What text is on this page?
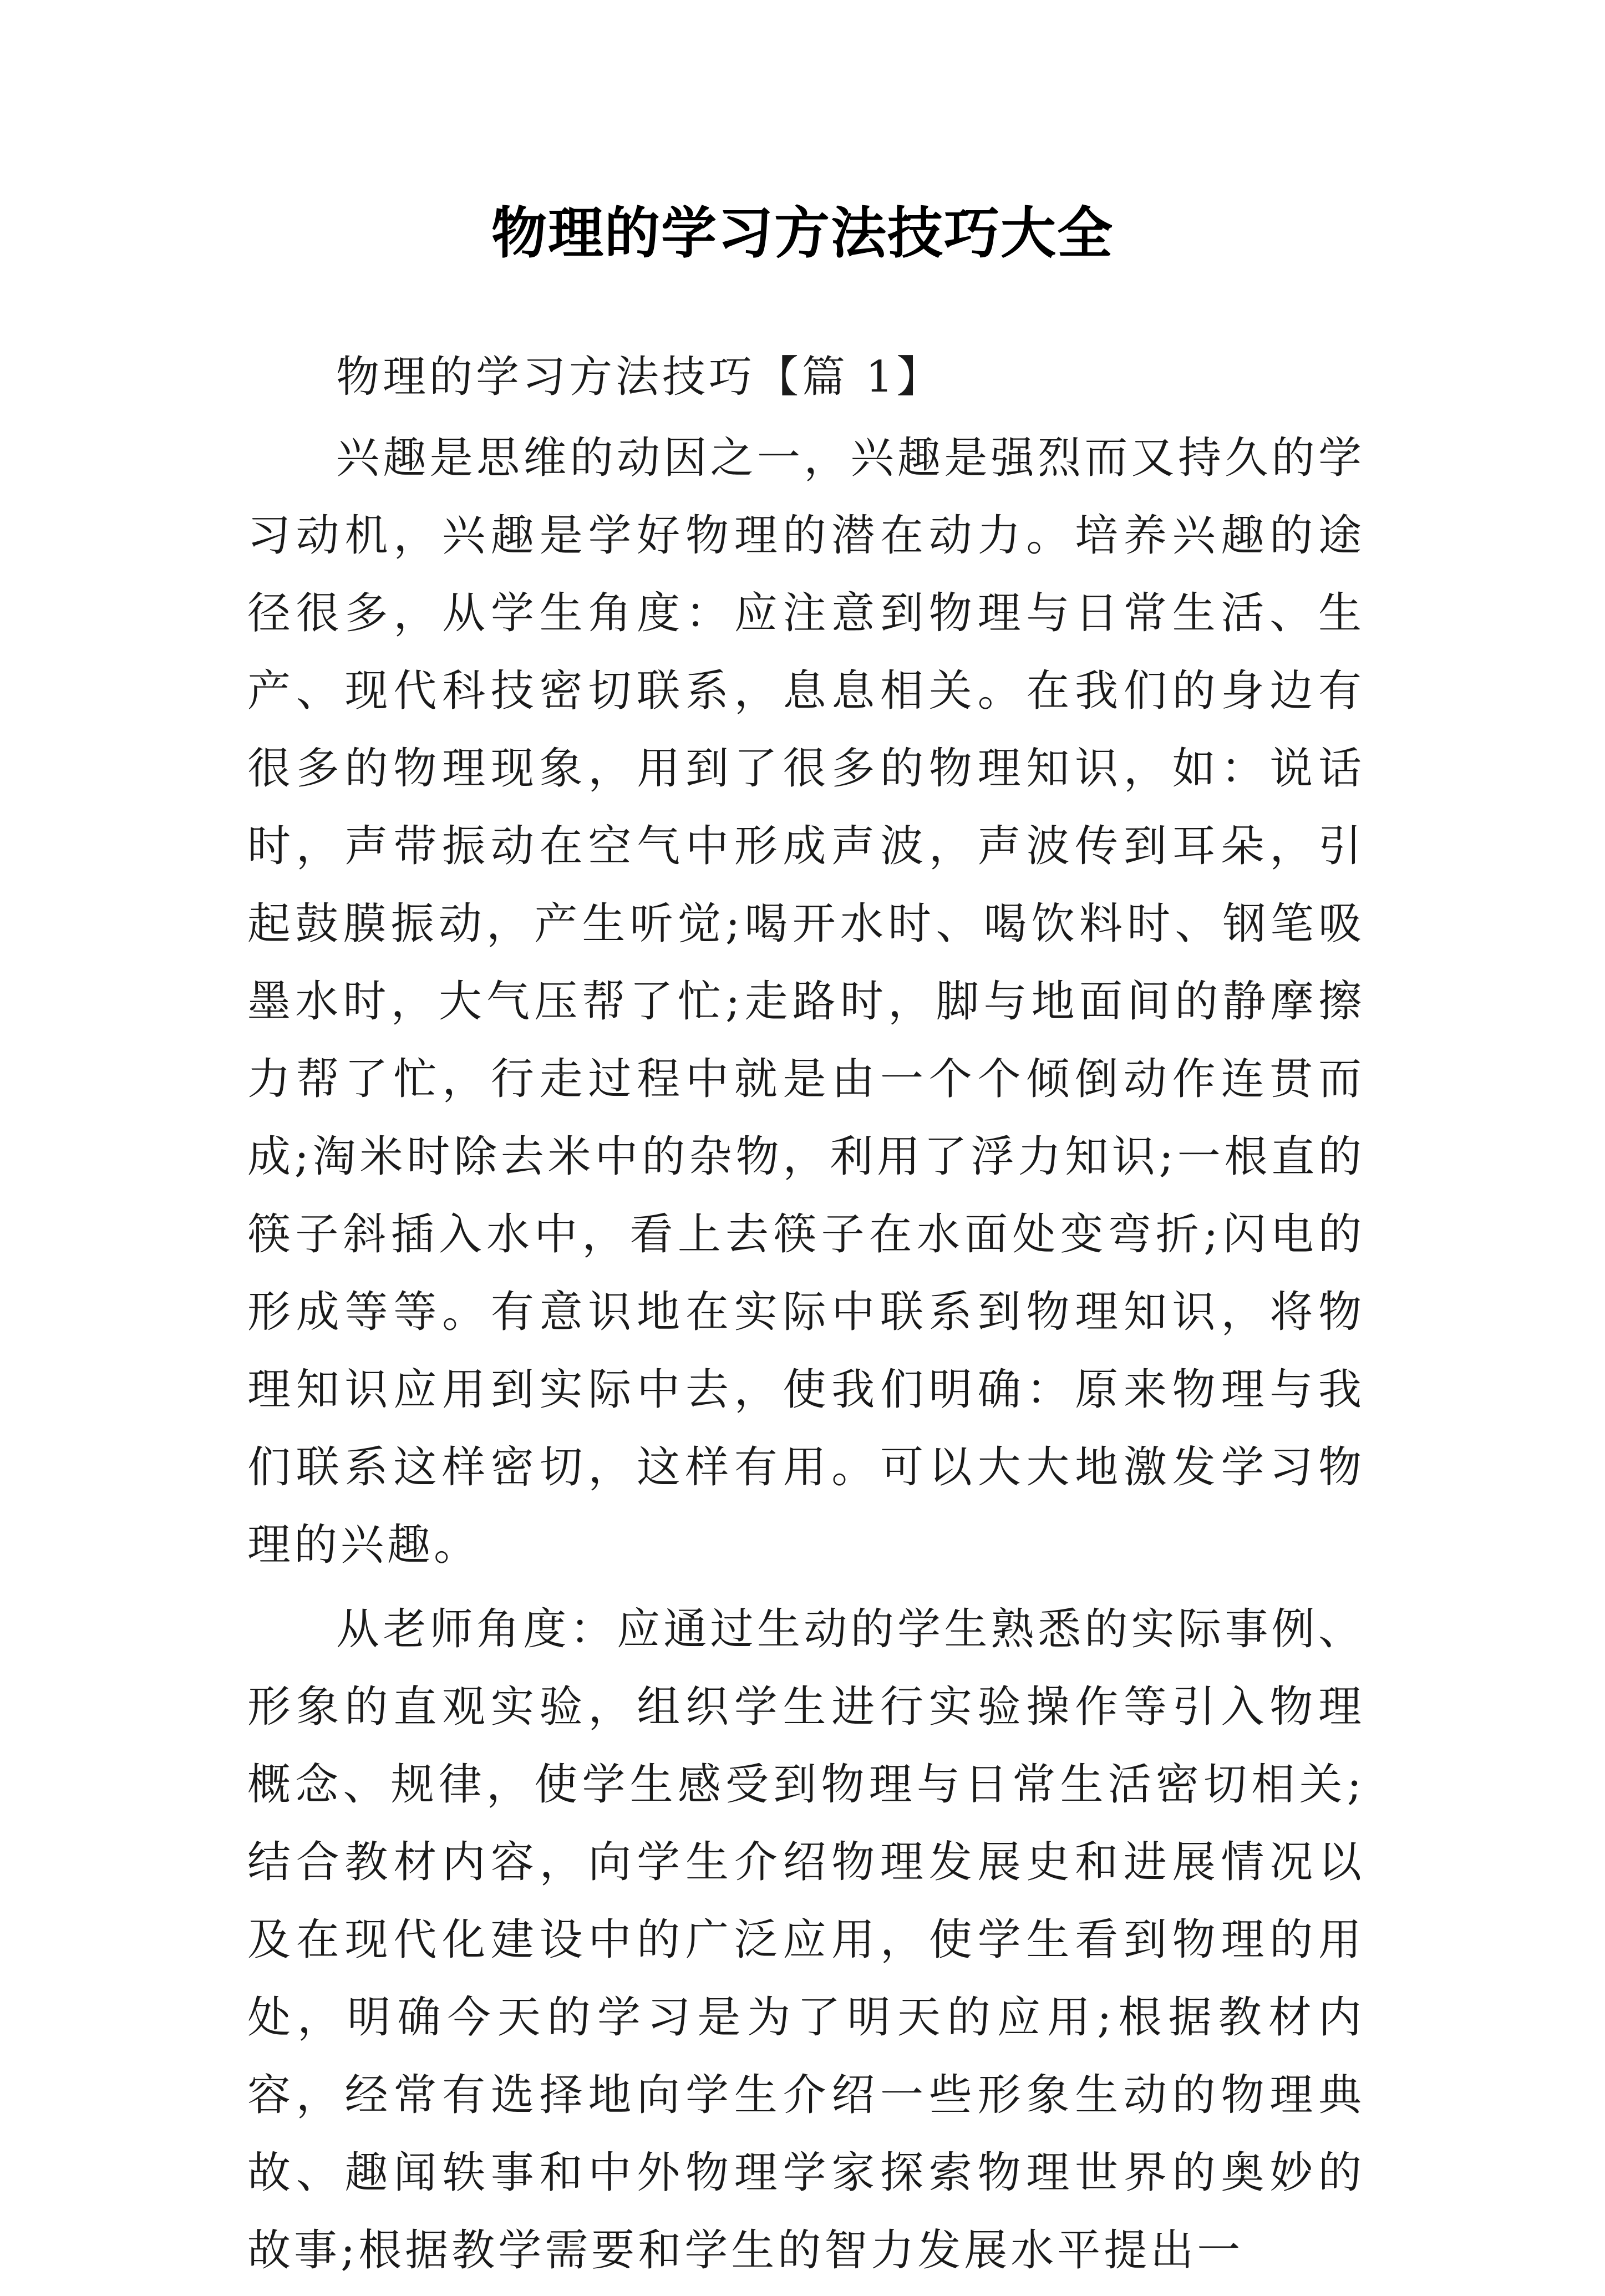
物理的学习方法技巧大全

物理的学习方法技巧【篇 1】

兴趣是思维的动因之一，兴趣是强烈而又持久的学习动机，兴趣是学好物理的潜在动力。培养兴趣的途径很多，从学生角度：应注意到物理与日常生活、生产、现代科技密切联系，息息相关。在我们的身边有很多的物理现象，用到了很多的物理知识，如：说话时，声带振动在空气中形成声波，声波传到耳朵，引起鼓膜振动，产生听觉;喝开水时、喝饮料时、钢笔吸墨水时，大气压帮了忙;走路时，脚与地面间的静摩擦力帮了忙，行走过程中就是由一个个倾倒动作连贯而成;淘米时除去米中的杂物，利用了浮力知识;一根直的筷子斜插入水中，看上去筷子在水面处变弯折;闪电的形成等等。有意识地在实际中联系到物理知识，将物理知识应用到实际中去，使我们明确：原来物理与我们联系这样密切，这样有用。可以大大地激发学习物理的兴趣。

从老师角度：应通过生动的学生熟悉的实际事例、形象的直观实验，组织学生进行实验操作等引入物理概念、规律，使学生感受到物理与日常生活密切相关;结合教材内容，向学生介绍物理发展史和进展情况以及在现代化建设中的广泛应用，使学生看到物理的用处，明确今天的学习是为了明天的应用;根据教材内容，经常有选择地向学生介绍一些形象生动的物理典故、趣闻轶事和中外物理学家探索物理世界的奥妙的故事;根据教学需要和学生的智力发展水平提出一
